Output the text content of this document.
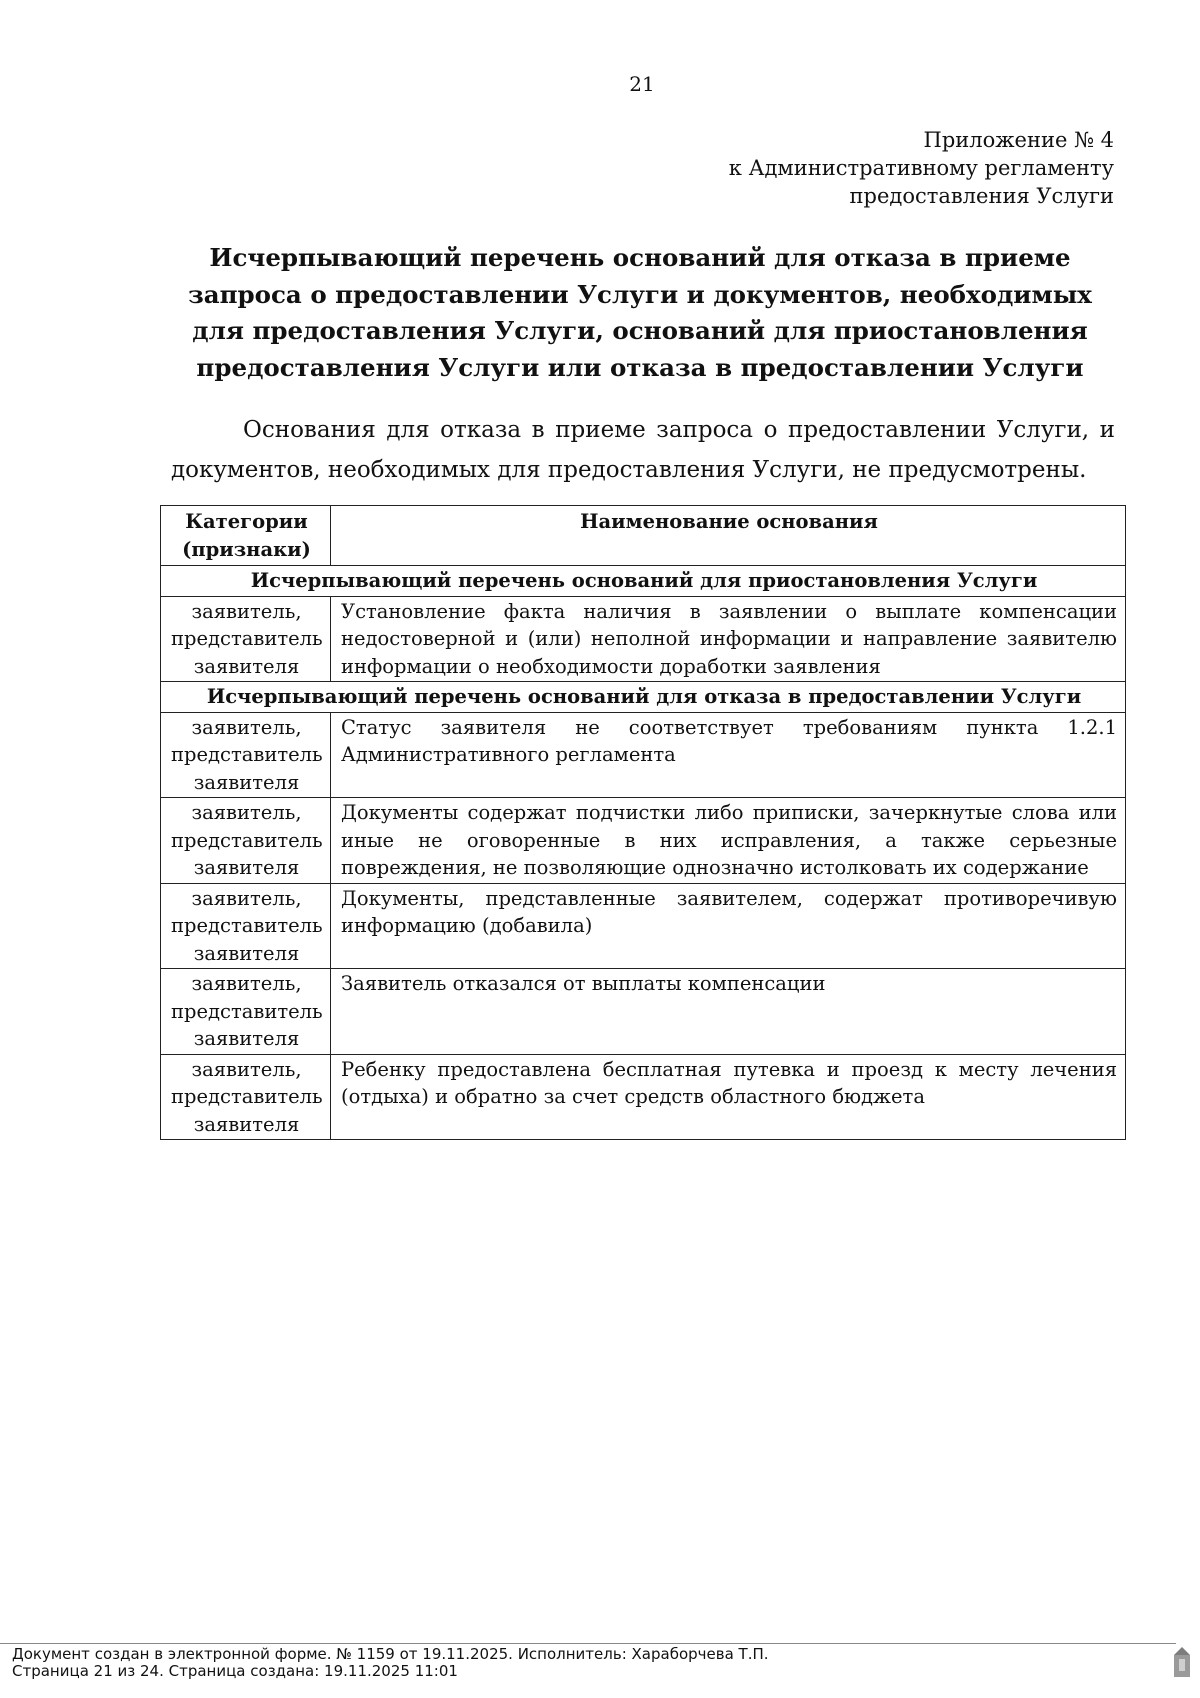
21
Приложение № 4
к Административному регламенту
предоставления Услуги
Исчерпывающий перечень оснований для отказа в приеме запроса о предоставлении Услуги и документов, необходимых для предоставления Услуги, оснований для приостановления предоставления Услуги или отказа в предоставлении Услуги

Основания для отказа в приеме запроса о предоставлении Услуги, и документов, необходимых для предоставления Услуги, не предусмотрены.

Категории (признаки)	Наименование основания
Исчерпывающий перечень оснований для приостановления Услуги	
заявитель, представитель заявителя	Установление факта наличия в заявлении о выплате компенсации недостоверной и (или) неполной информации и направление заявителю информации о необходимости доработки заявления
Исчерпывающий перечень оснований для отказа в предоставлении Услуги	
заявитель, представитель заявителя	Статус заявителя не соответствует требованиям пункта 1.2.1 Административного регламента
заявитель, представитель заявителя	Документы содержат подчистки либо приписки, зачеркнутые слова или иные не оговоренные в них исправления, а также серьезные повреждения, не позволяющие однозначно истолковать их содержание
заявитель, представитель заявителя	Документы, представленные заявителем, содержат противоречивую информацию (добавила)
заявитель, представитель заявителя	Заявитель отказался от выплаты компенсации
заявитель, представитель заявителя	Ребенку предоставлена бесплатная путевка и проезд к месту лечения (отдыха) и обратно за счет средств областного бюджета
Документ создан в электронной форме. № 1159 от 19.11.2025. Исполнитель: Хараборчева Т.П.
Страница 21 из 24. Страница создана: 19.11.2025 11:01
